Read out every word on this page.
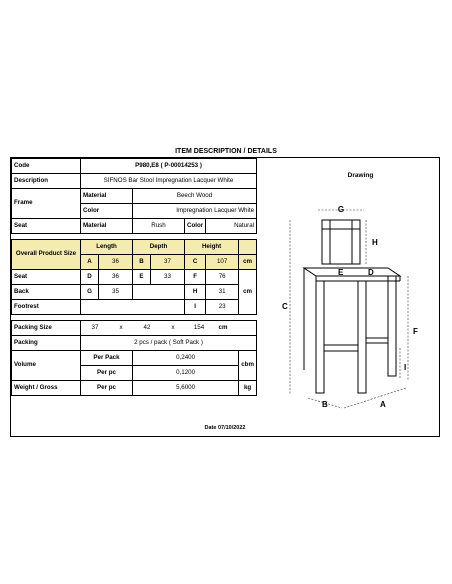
ITEM DESCRIPTION / DETAILS
Code	P980,E8 ( P-00014253 )						
Description	SIFNOS Bar Stool Impregnation Lacquer White						
Frame	Material		Beech Wood				
	Color		Impregnation Lacquer White				
Seat	Material		Rush		Color	Natural	

Overall Product Size	Length		Depth		Height		
	A	36	B	37	C	107	cm
Seat	D	36	E	33	F	76	cm
Back	G	35			H	31	
Footrest					I	23	

Packing Size	37 x 42 x 154 cm						
Packing	2 pcs / pack ( Soft Pack )						
Volume	Per Pack		0,2400				cbm
	Per pc		0,1200				
Weight / Gross	Per pc		5,6000				kg
Drawing
G
H
C
E	D
F
I
B	A
Date 07/10/2022
